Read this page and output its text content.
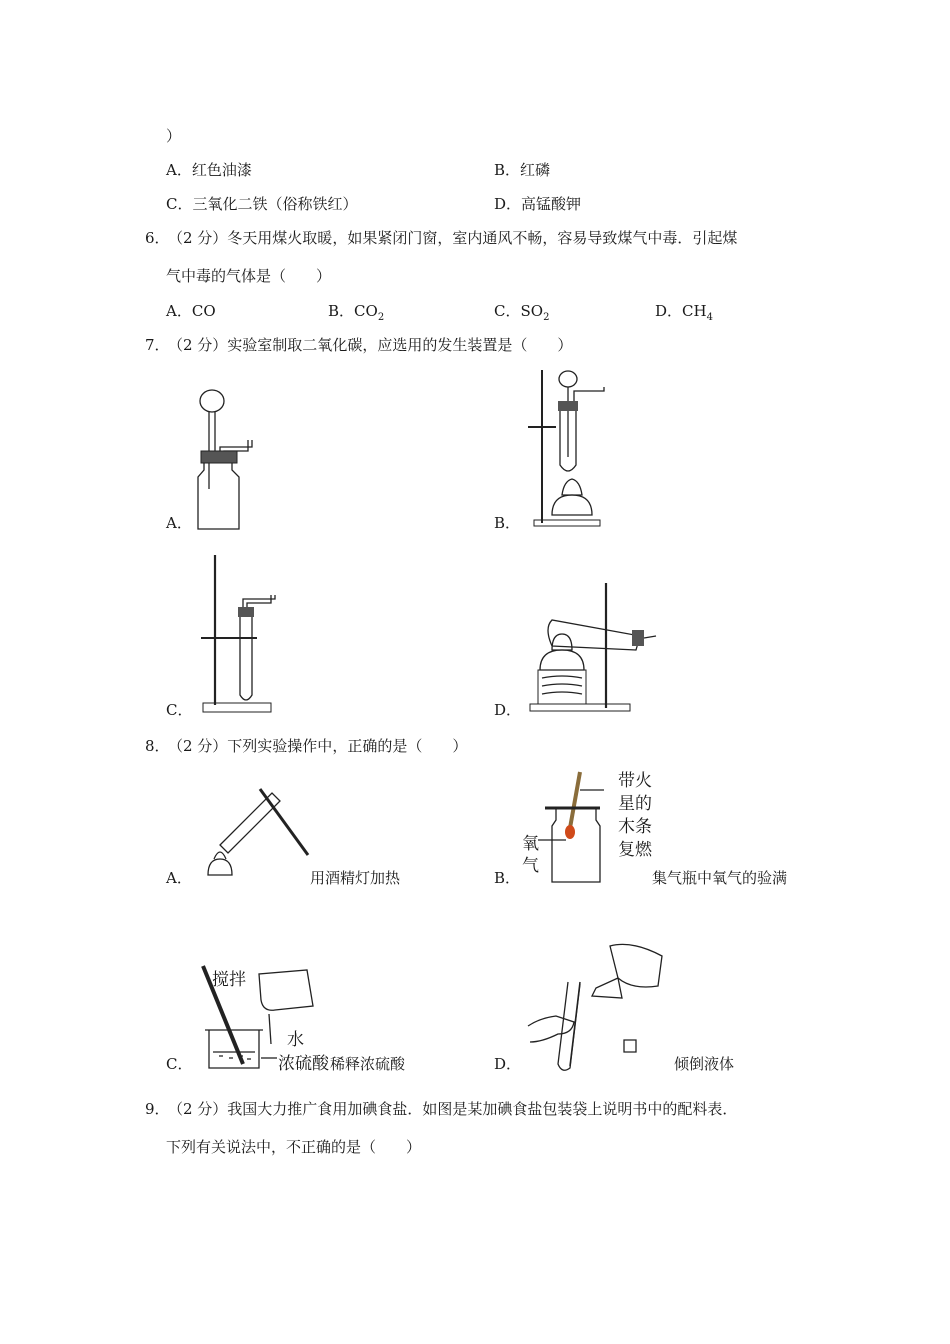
）
A．红色油漆	B．红磷
C．三氧化二铁（俗称铁红）	D．高锰酸钾
6．
（2 分）冬天用煤火取暖，如果紧闭门窗，室内通风不畅，容易导致煤气中毒．引起煤
气中毒的气体是（　　）
A．CO	B．$CO_2$	C．$SO_2$	D．$CH_4$
7．
（2 分）实验室制取二氧化碳，应选用的发生装置是（　　）
A．	B．
C．	D．
8．
（2 分）下列实验操作中，正确的是（　　）
A．	用酒精灯加热
带火
星的
木条
复燃
氧
气
B．	集气瓶中氧气的验满
搅拌
水
浓硫酸
C．	稀释浓硫酸	D．	倾倒液体
9．
（2 分）我国大力推广食用加碘食盐．如图是某加碘食盐包装袋上说明书中的配料表．
下列有关说法中，不正确的是（　　）
